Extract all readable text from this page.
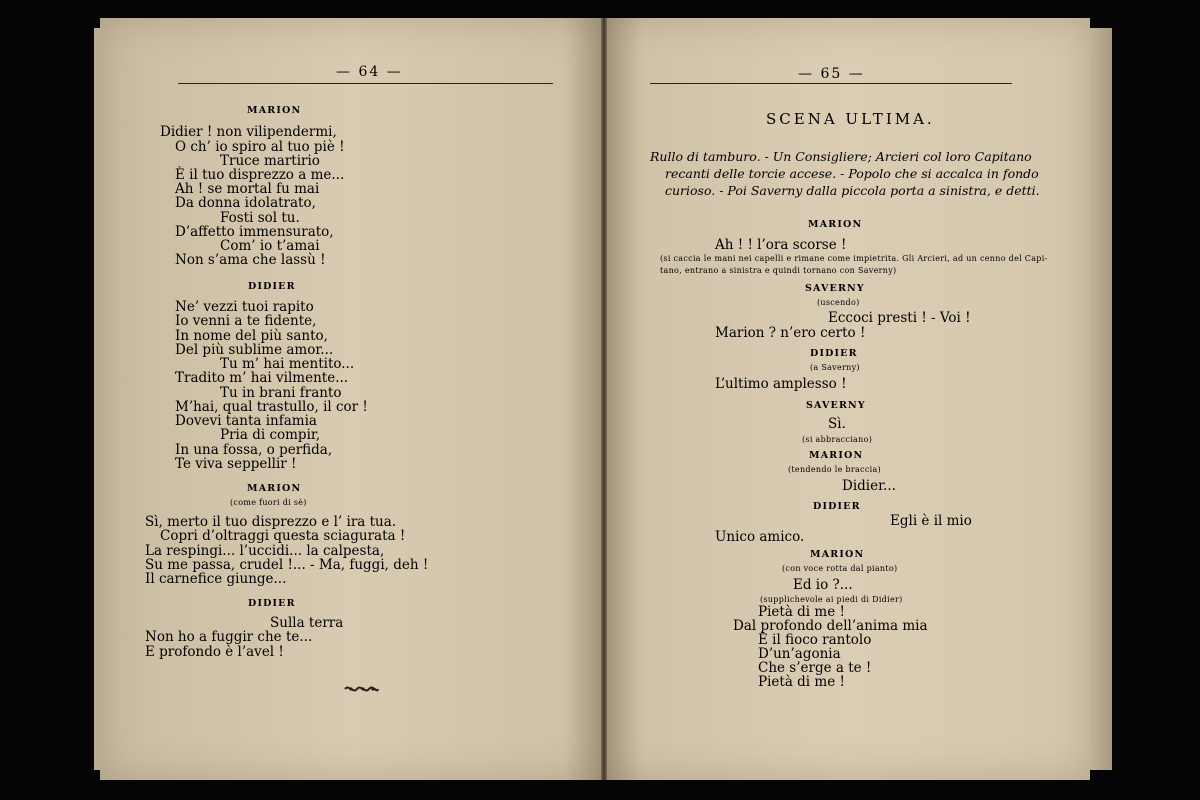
— 64 —	— 65 —
SCENA ULTIMA.
MARION
Didier ! non vilipendermi,
O ch’ io spiro al tuo piè !
Truce martirio
È il tuo disprezzo a me...
Ah ! se mortal fu mai
Da donna idolatrato,
Fosti sol tu.
D’affetto immensurato,
Com’ io t’amai
Non s’ama che lassù !
DIDIER
Ne’ vezzi tuoi rapito
Io venni a te fidente,
In nome del più santo,
Del più sublime amor...
Tu m’ hai mentito...
Tradito m’ hai vilmente...
Tu in brani franto
M’hai, qual trastullo, il cor !
Dovevi tanta infamia
Pria di compir,
In una fossa, o perfida,
Te viva seppellir !
MARION
(come fuori di sè)
Sì, merto il tuo disprezzo e l’ ira tua.
Copri d’oltraggi questa sciagurata !
La respingi... l’uccidi... la calpesta,
Su me passa, crudel !... - Ma, fuggi, deh !
Il carnefice giunge...
DIDIER
Sulla terra
Non ho a fuggir che te...
E profondo è l’avel !
Rullo di tamburo. - Un Consigliere; Arcieri col loro Capitano
recanti delle torcie accese. - Popolo che si accalca in fondo
curioso. - Poi Saverny dalla piccola porta a sinistra, e detti.
MARION
Ah ! ! l’ora scorse !
(si caccia le mani nei capelli e rimane come impietrita. Gli Arcieri, ad un cenno del Capi-
tano, entrano a sinistra e quindi tornano con Saverny)
SAVERNY
(uscendo)
Eccoci presti ! - Voi !
Marion ? n’ero certo !
DIDIER
(a Saverny)
L’ultimo amplesso !
SAVERNY
Sì.
(si abbracciano)
MARION
(tendendo le braccia)
Didier...
DIDIER
Egli è il mio
Unico amico.
MARION
(con voce rotta dal pianto)
Ed io ?...
(supplichevole ai piedi di Didier)
Pietà di me !
Dal profondo dell’anima mia
È il fioco rantolo
D’un’agonia
Che s’erge a te !
Pietà di me !
